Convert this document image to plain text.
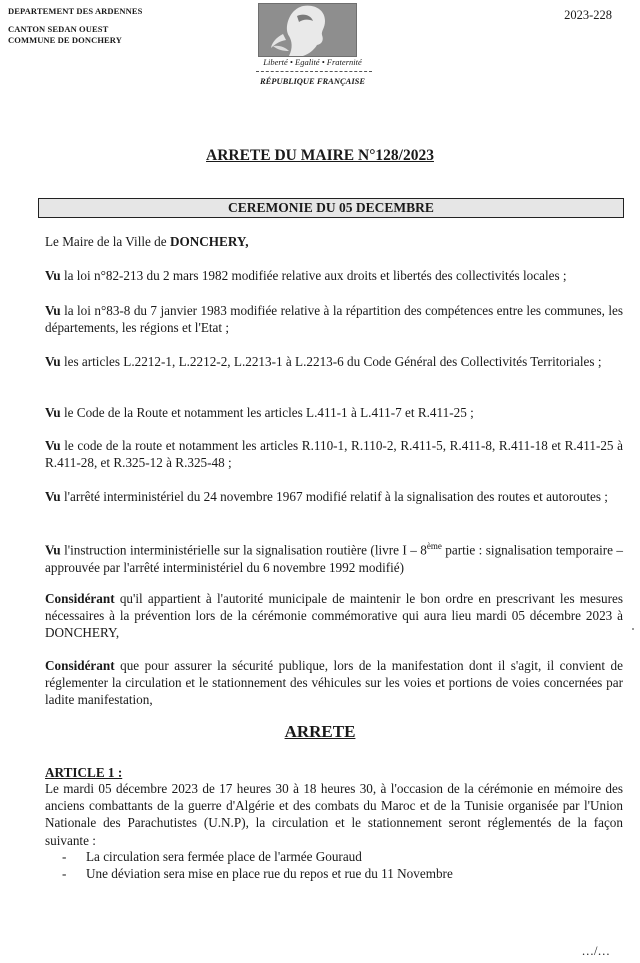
DEPARTEMENT DES ARDENNES
CANTON SEDAN OUEST
COMMUNE DE DONCHERY
2023-228
Liberté • Egalité • Fraternité
RÉPUBLIQUE FRANÇAISE
ARRETE DU MAIRE N°128/2023
CEREMONIE DU 05 DECEMBRE
Le Maire de la Ville de DONCHERY,
Vu la loi n°82-213 du 2 mars 1982 modifiée relative aux droits et libertés des collectivités locales ;
Vu la loi n°83-8 du 7 janvier 1983 modifiée relative à la répartition des compétences entre les communes, les départements, les régions et l'Etat ;
Vu les articles L.2212-1, L.2212-2, L.2213-1 à L.2213-6 du Code Général des Collectivités Territoriales ;
Vu le Code de la Route et notamment les articles L.411-1 à L.411-7 et R.411-25 ;
Vu le code de la route et notamment les articles R.110-1, R.110-2, R.411-5, R.411-8, R.411-18 et R.411-25 à R.411-28, et R.325-12 à R.325-48 ;
Vu l'arrêté interministériel du 24 novembre 1967 modifié relatif à la signalisation des routes et autoroutes ;
Vu l'instruction interministérielle sur la signalisation routière (livre I – 8ème partie : signalisation temporaire – approuvée par l'arrêté interministériel du 6 novembre 1992 modifié)
Considérant qu'il appartient à l'autorité municipale de maintenir le bon ordre en prescrivant les mesures nécessaires à la prévention lors de la cérémonie commémorative qui aura lieu mardi 05 décembre 2023 à DONCHERY,
Considérant que pour assurer la sécurité publique, lors de la manifestation dont il s'agit, il convient de réglementer la circulation et le stationnement des véhicules sur les voies et portions de voies concernées par ladite manifestation,
ARRETE
ARTICLE 1 :
Le mardi 05 décembre 2023 de 17 heures 30 à 18 heures 30, à l'occasion de la cérémonie en mémoire des anciens combattants de la guerre d'Algérie et des combats du Maroc et de la Tunisie organisée par l'Union Nationale des Parachutistes (U.N.P), la circulation et le stationnement seront réglementés de la façon suivante :
- La circulation sera fermée place de l'armée Gouraud
- Une déviation sera mise en place rue du repos et rue du 11 Novembre
…/…
